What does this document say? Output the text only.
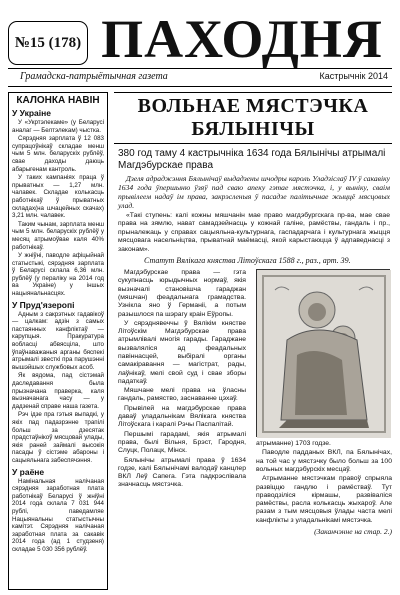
№15 (178) ПАХОДНЯ
Грамадска-патрыётычная газета	Кастрычнік 2014
КАЛОНКА НАВІН
У Украіне

У «Укртэлекаме» (у Беларусі аналаг — Белтэлекам) чыстка.

Сярэдняя зарплата ў 12 083 супрацоўнікаў складае менш чым 5 млн. беларускіх рублёў, свае даходы даюць абарыгенам кантроль.

У таких кампаніях праца ў прыватных — 1,27 млн. чалавек. Складае колькасць работнікаў ў прыватных складах(на шчацейных скачах) 3,21 млн. чалавек.

Таким чынам, зарплата менш чым 5 млн. беларускіх рублёў у месяц атрымоўвае каля 40% работнікаў.

У жніўні, паводле афіцыйнай статыстыкі, сярэдняя зарплата ў Беларусі склала 6,36 млн. рублёў (у пераліку на 2014 год ва Украіне) у іншых нацыянальнасцях.

У Пруд'язеропі

Адным з сакрэтных гадавікоў — цалкам: адзін з самых пастаянных канфліктаў — карупцыя. Пракуратура вобласці абвясціла, што ўпаўнаважаныя арганы бяспекі атрымалі звесткі пра парушэнні вышэйшых службовых асоб.

Як вядома, пад сістэмай даследавання была прызначана праверка, каля вызначанага часу — у дадзенай справе наша газета.

Рэч ідзе пра гэтыя выпадкі, у якіх пад падазрэнне трапілі больш за дзесятак прадстаўнікоў мясцовай улады, якія раней займалі высокія пасады ў сістэме абароны і сацыяльнага забеспячэння.

У раёне

Намінальная налічаная сярэдняя заработная плата работнікаў Беларусі ў жніўні 2014 года склала 7 031 944 рублі, паведамляе Нацыянальны статыстычны камітэт. Сярэдняя налічаная заработная плата за сакавік 2014 года (ад 1 студзеня) складае 5 030 356 рублёў.

ВОЛЬНАЕ МЯСТЭЧКА
БЯЛЫНІЧЫ
380 год таму 4 кастрычніка 1634 года Бялынічы атрымалі Магдэбурскае права
Дзеля адраджэння Бялынічаў выдадзены шчодры кароль Уладзіслаў IV ў сакавіку 1634 года ўпершыню ўзяў пад сваю апеку гэтае мястэчка, і, у выніку, сваім прывілеем надаў ім права, закрэсленыя ў пасадзе палітычнае жыццё мясцовых улад.
«Такі ступень: калі кожны мяшчанін мае право магдэбургскага пр-ва, мае свае права на зямлю, нават самадзейнасць у кожнай галіне, рамёствы, гандаль і пр., прыналежаць у справах сацыяльна-культурнага, гаспадарчага і культурнага жыцця мясцовага насельніцтва, прыватнай маёмасці, якой карыстаюцца ў адпаведнасці з законам».
Статут Вялікага княства Літоўскага 1588 г., раз., арт. 39.

Магдэбурскае права — гэта сукупнасць юрыдычных нормаў, якія вызначалі становішча гараджан (мяшчан) феадальнага грамадства. Узнікла яно ў Германіі, а потым разышлося па шэрагу краін Еўропы.

У сярэднявеччы ў Вялікім княстве Літоўскім Магдэбурскае права атрымлівалі многія гарады. Гараджане вызваляліся ад феадальных павіннасцей, выбіралі органы самакіравання — магістрат, рады, лаўнікаў, мелі свой суд і свае зборы падаткаў.

Мяшчане мелі права на ўласны гандаль, рамяство, заснаванне цэхаў.

Прывілей на магдэбурскае права даваў уладальнікам Вялікага княства Літоўскага і каралі Рэчы Паспалітай.

Першымі гарадамі, якія атрымалі права, былі Вільня, Брэст, Гародня, Слуцк, Полацк, Мінск.

Бялынічы атрымалі права ў 1634 годзе, калі Бялынічамі валодаў канцлер ВКЛ Леў Сапега. Гэта падкрэслівала значнасць мястэчка.

атрыманне) 1703 годзе.

Паводле падданых ВКЛ, па Бялынічах, на той час у мястэчку было больш за 100 вольных магдэбурскіх месцаў.

Атрыманне мястэчкам правоў спрыяла развіццю гандлю і рамёстваў. Тут праводзіліся кірмашы, развіваліся рамёствы, расла колькасць жыхароў. Але разам з тым мясцовыя ўлады часта мелі канфлікты з уладальнікамі мястэчка.

(Заканчэнне на стар. 2.)
